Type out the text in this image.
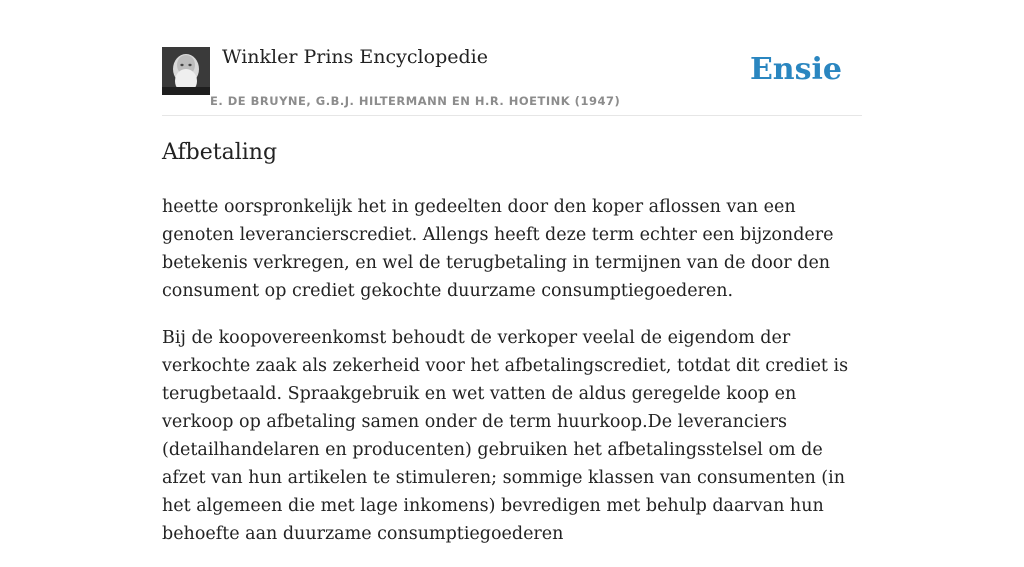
Winkler Prins Encyclopedie
E. DE BRUYNE, G.B.J. HILTERMANN EN H.R. HOETINK (1947)
Ensie
Afbetaling

heette oorspronkelijk het in gedeelten door den koper aflossen van een genoten leverancierscrediet. Allengs heeft deze term echter een bijzondere betekenis verkregen, en wel de terugbetaling in termijnen van de door den consument op crediet gekochte duurzame consumptiegoederen.

Bij de koopovereenkomst behoudt de verkoper veelal de eigendom der verkochte zaak als zekerheid voor het afbetalingscrediet, totdat dit crediet is terugbetaald. Spraakgebruik en wet vatten de aldus geregelde koop en verkoop op afbetaling samen onder de term huurkoop.De leveranciers (detailhandelaren en producenten) gebruiken het afbetalingsstelsel om de afzet van hun artikelen te stimuleren; sommige klassen van consumenten (in het algemeen die met lage inkomens) bevredigen met behulp daarvan hun behoefte aan duurzame consumptiegoederen
